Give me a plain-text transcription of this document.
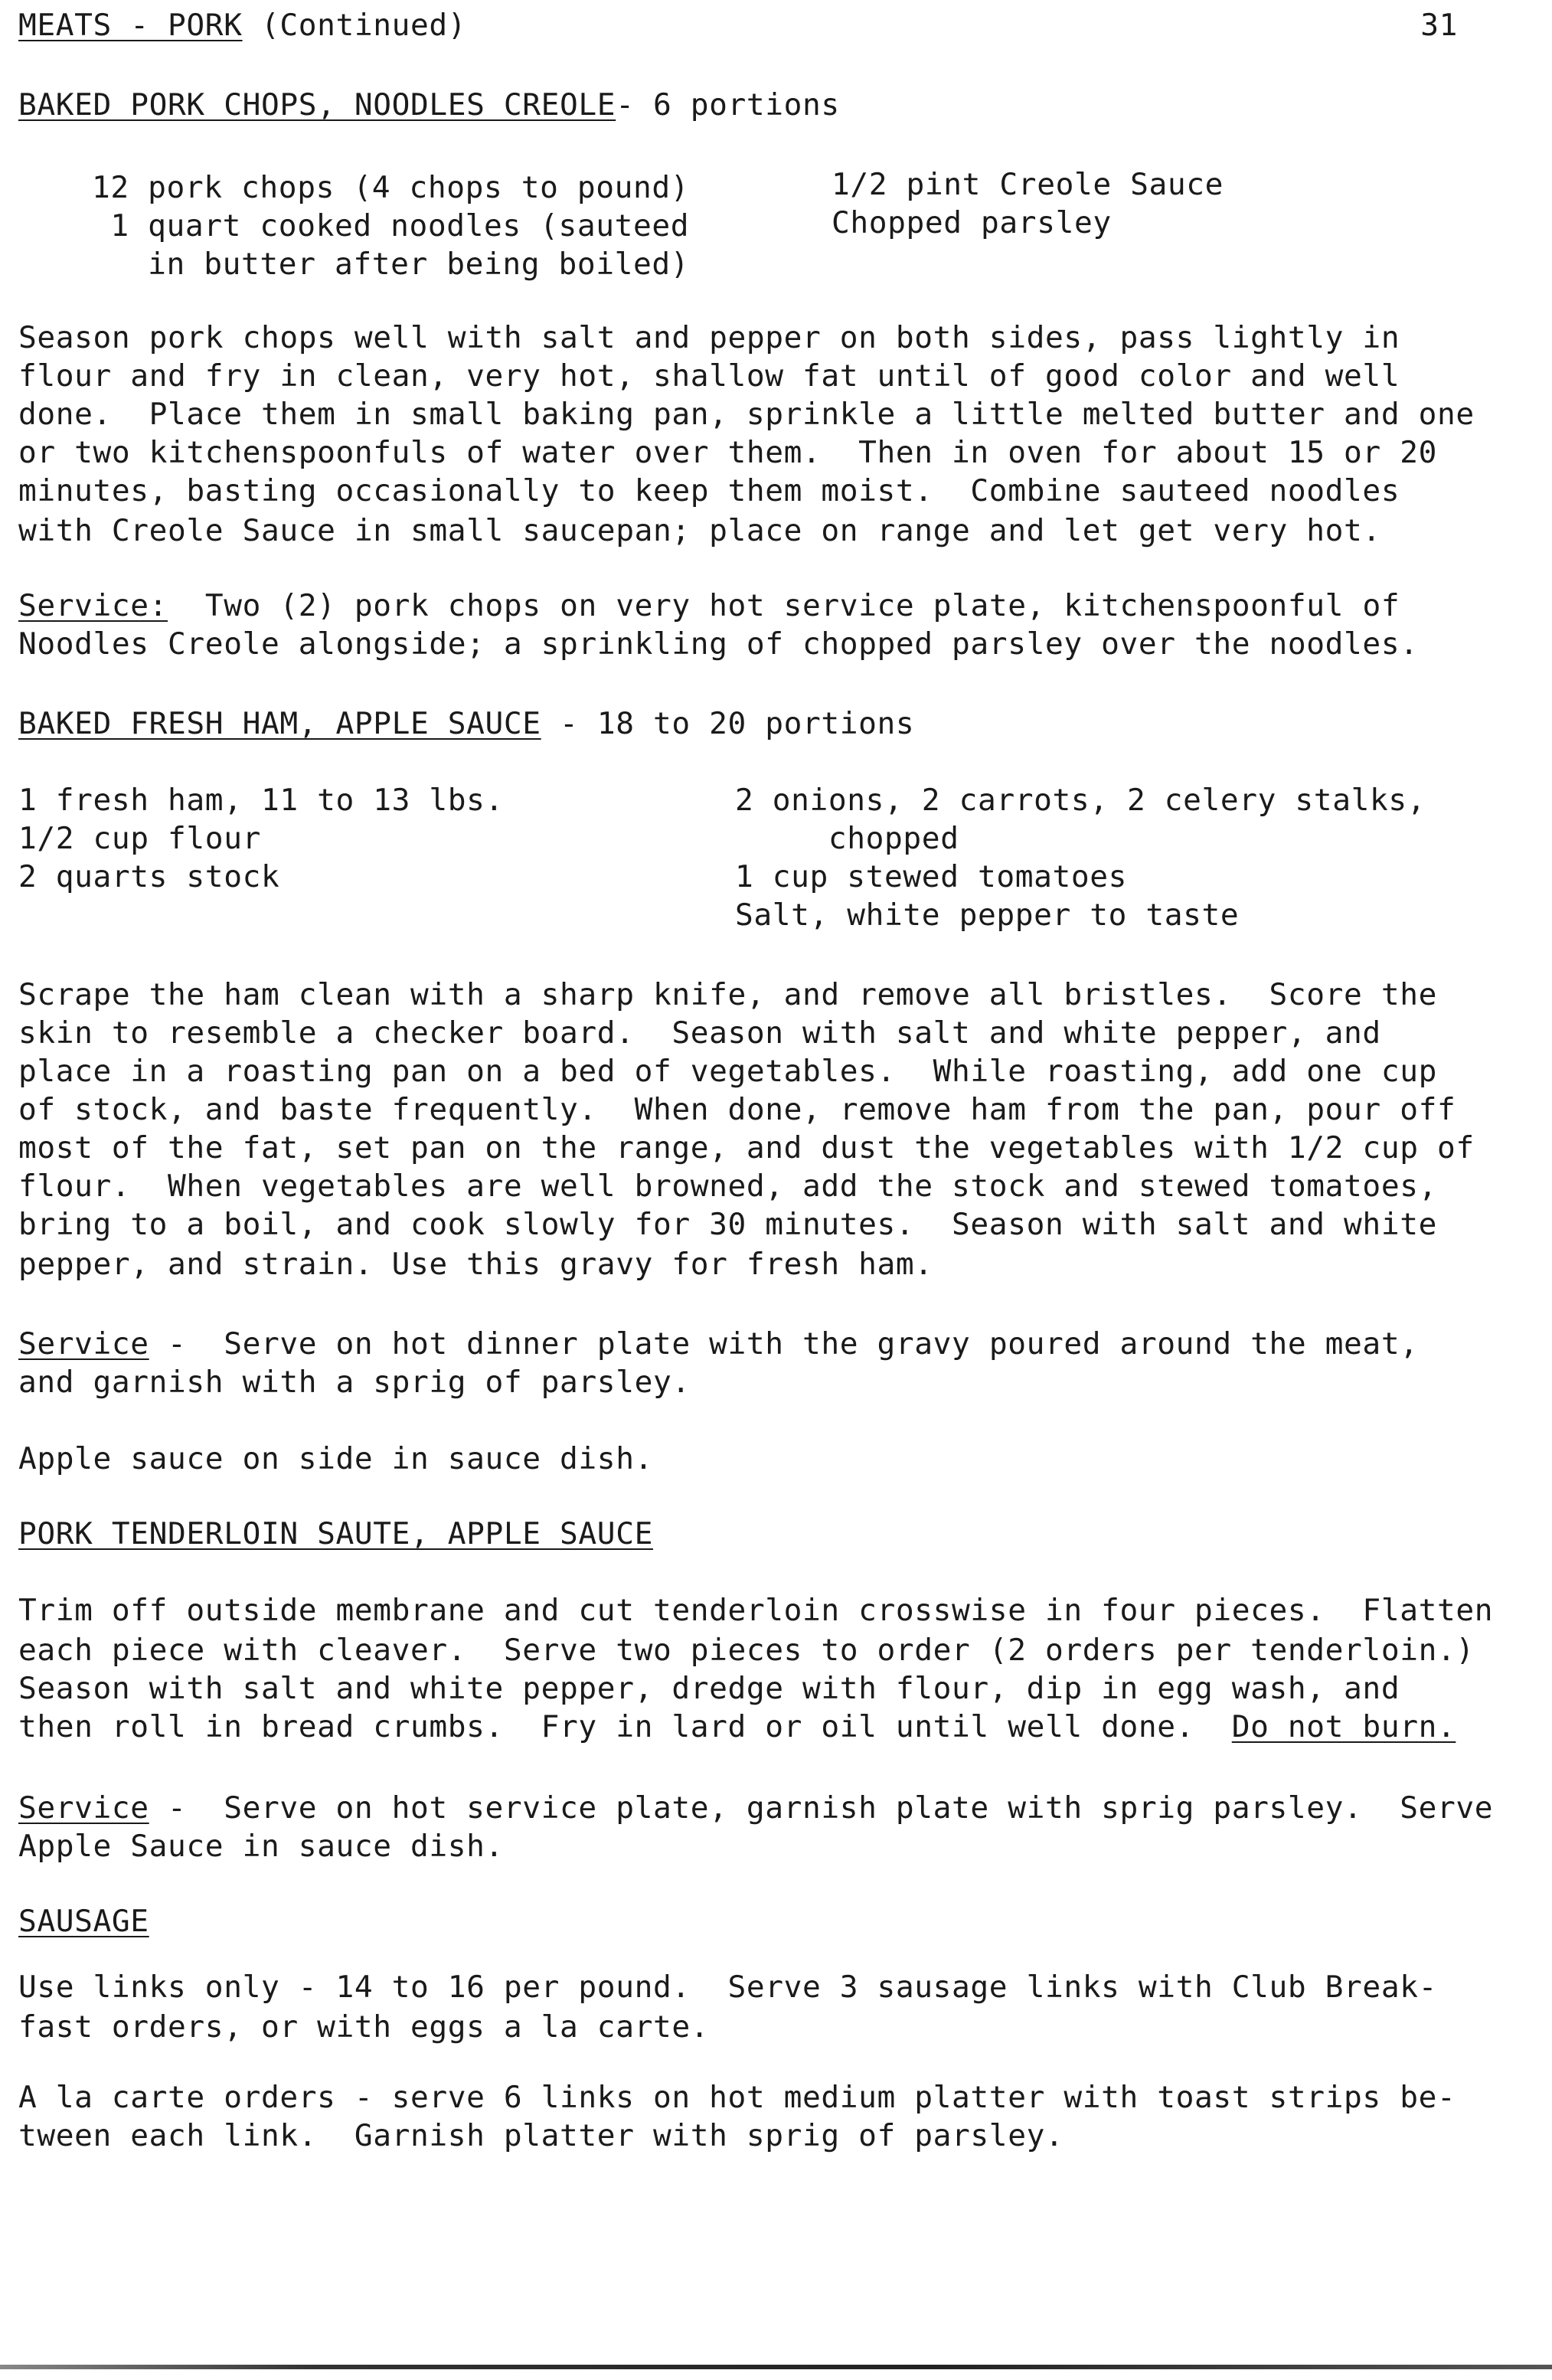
MEATS - PORK (Continued)	31
BAKED PORK CHOPS, NOODLES CREOLE- 6 portions
12 pork chops (4 chops to pound)
1 quart cooked noodles (sauteed
in butter after being boiled)
1/2 pint Creole Sauce
Chopped parsley
Season pork chops well with salt and pepper on both sides, pass lightly in
flour and fry in clean, very hot, shallow fat until of good color and well
done.  Place them in small baking pan, sprinkle a little melted butter and one
or two kitchenspoonfuls of water over them.  Then in oven for about 15 or 20
minutes, basting occasionally to keep them moist.  Combine sauteed noodles
with Creole Sauce in small saucepan; place on range and let get very hot.
Service:  Two (2) pork chops on very hot service plate, kitchenspoonful of
Noodles Creole alongside; a sprinkling of chopped parsley over the noodles.
BAKED FRESH HAM, APPLE SAUCE - 18 to 20 portions
1 fresh ham, 11 to 13 lbs.
1/2 cup flour
2 quarts stock
2 onions, 2 carrots, 2 celery stalks,
chopped
1 cup stewed tomatoes
Salt, white pepper to taste
Scrape the ham clean with a sharp knife, and remove all bristles.  Score the
skin to resemble a checker board.  Season with salt and white pepper, and
place in a roasting pan on a bed of vegetables.  While roasting, add one cup
of stock, and baste frequently.  When done, remove ham from the pan, pour off
most of the fat, set pan on the range, and dust the vegetables with 1/2 cup of
flour.  When vegetables are well browned, add the stock and stewed tomatoes,
bring to a boil, and cook slowly for 30 minutes.  Season with salt and white
pepper, and strain. Use this gravy for fresh ham.
Service -  Serve on hot dinner plate with the gravy poured around the meat,
and garnish with a sprig of parsley.
Apple sauce on side in sauce dish.
PORK TENDERLOIN SAUTE, APPLE SAUCE
Trim off outside membrane and cut tenderloin crosswise in four pieces.  Flatten
each piece with cleaver.  Serve two pieces to order (2 orders per tenderloin.)
Season with salt and white pepper, dredge with flour, dip in egg wash, and
then roll in bread crumbs.  Fry in lard or oil until well done.  Do not burn.
Service -  Serve on hot service plate, garnish plate with sprig parsley.  Serve
Apple Sauce in sauce dish.
SAUSAGE
Use links only - 14 to 16 per pound.  Serve 3 sausage links with Club Break-
fast orders, or with eggs a la carte.
A la carte orders - serve 6 links on hot medium platter with toast strips be-
tween each link.  Garnish platter with sprig of parsley.
